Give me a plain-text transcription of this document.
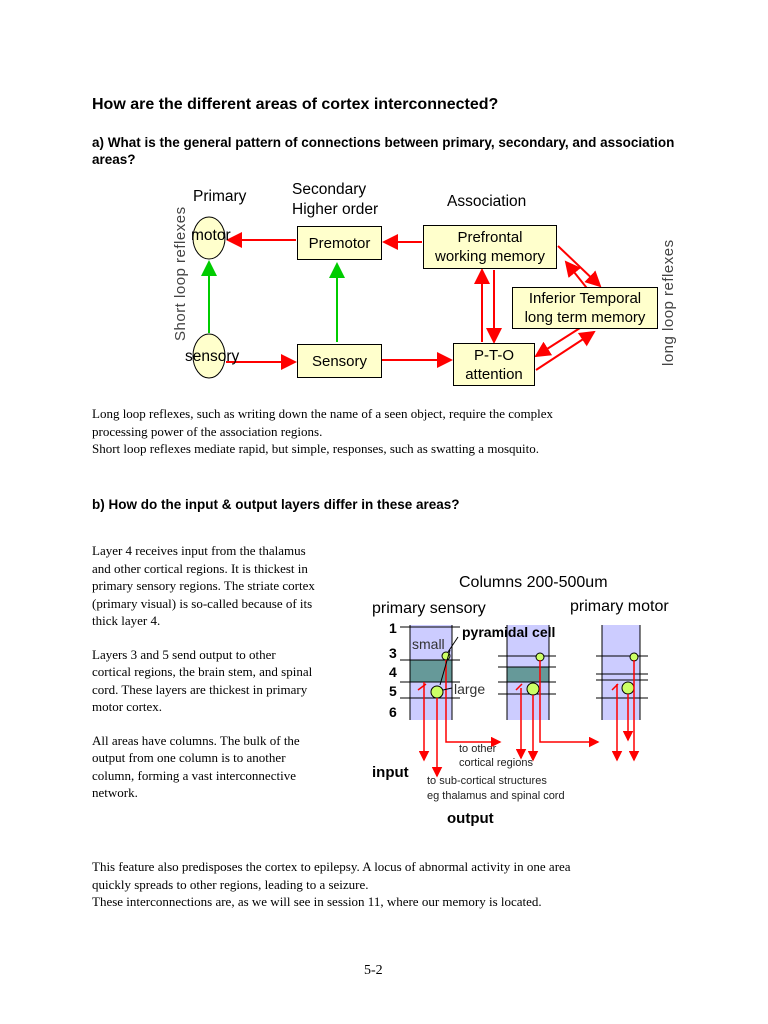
How are the different areas of cortex interconnected?
a) What is the general pattern of connections between primary, secondary, and association areas?
Primary	Secondary
Higher order	Association
Short loop reflexes	long loop reflexes
motor
sensory
Premotor
Sensory
Prefrontal
working memory
Inferior Temporal
long term memory
P-T-O
attention
Long loop reflexes, such as writing down the name of a seen object, require the complex
processing power of the association regions.
Short loop reflexes mediate rapid, but simple, responses, such as swatting a mosquito.
b) How do the input & output layers differ in these areas?
Layer 4 receives input from the thalamus
and other cortical regions. It is thickest in
primary sensory regions. The striate cortex
(primary visual) is so-called because of its
thick layer 4.
Layers 3 and 5 send output to other
cortical regions, the brain stem, and spinal
cord. These layers are thickest in primary
motor cortex.
All areas have columns. The bulk of the
output from one column is to another
column, forming a vast interconnective
network.
Columns 200-500um
primary sensory	primary motor
1
3
4
5
6
small
pyramidal cell
large
input
to other
cortical regions
to sub-cortical structures
eg thalamus and spinal cord
output
This feature also predisposes the cortex to epilepsy. A locus of abnormal activity in one area
quickly spreads to other regions, leading to a seizure.
These interconnections are, as we will see in session 11, where our memory is located.
5-2
